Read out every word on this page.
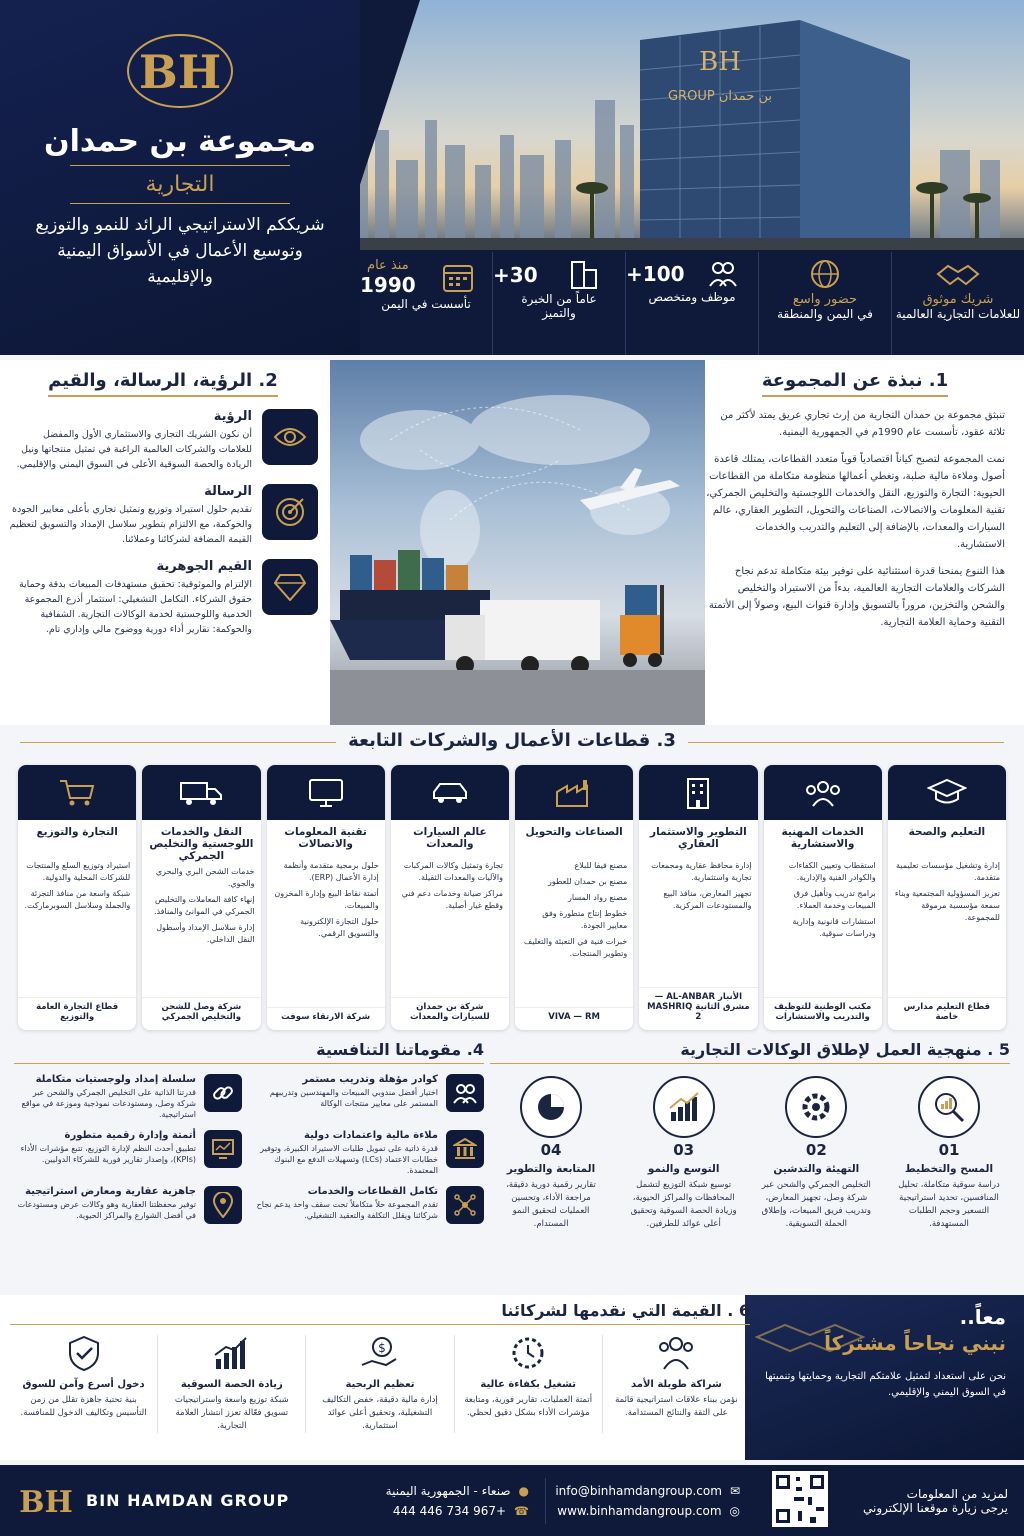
BH
بن حمدان GROUP
BH
مجموعة بن حمدان
التجارية
شريككم الاستراتيجي الرائد للنمو والتوزيع وتوسيع الأعمال في الأسواق اليمنية والإقليمية
شريك موثوق
للعلامات التجارية العالمية
حضور واسع
في اليمن والمنطقة
100+
موظف ومتخصص
30+
عاماً من الخبرة
والتميز
منذ عام
1990
تأسست في اليمن
1. نبذة عن المجموعة

تنبثق مجموعة بن حمدان التجارية من إرث تجاري عريق يمتد لأكثر من ثلاثة عقود، تأسست عام 1990م في الجمهورية اليمنية.

نمت المجموعة لتصبح كياناً اقتصادياً قوياً متعدد القطاعات، يمتلك قاعدة أصول وملاءة مالية صلبة، وتغطي أعمالها منظومة متكاملة من القطاعات الحيوية: التجارة والتوزيع، النقل والخدمات اللوجستية والتخليص الجمركي، تقنية المعلومات والاتصالات، الصناعات والتحويل، التطوير العقاري، عالم السيارات والمعدات، بالإضافة إلى التعليم والتدريب والخدمات الاستشارية.

هذا التنوع يمنحنا قدرة استثنائية على توفير بيئة متكاملة تدعم نجاح الشركات والعلامات التجارية العالمية، بدءاً من الاستيراد والتخليص والشحن والتخزين، مروراً بالتسويق وإدارة قنوات البيع، وصولاً إلى الأتمتة التقنية وحماية العلامة التجارية.

2. الرؤية، الرسالة، والقيم
الرؤية

أن نكون الشريك التجاري والاستثماري الأول والمفضل للعلامات والشركات العالمية الراغبة في تمثيل منتجاتها ونيل الريادة والحصة السوقية الأعلى في السوق اليمني والإقليمي.

الرسالة

تقديم حلول استيراد وتوزيع وتمثيل تجاري بأعلى معايير الجودة والحوكمة، مع الالتزام بتطوير سلاسل الإمداد والتسويق لتعظيم القيمة المضافة لشركائنا وعملائنا.

القيم الجوهرية

الإلتزام والموثوقية: تحقيق مستهدفات المبيعات بدقة وحماية حقوق الشركاء. التكامل التشغيلي: استثمار أذرع المجموعة الخدمية واللوجستية لخدمة الوكالات التجارية. الشفافية والحوكمة: تقارير أداء دورية ووضوح مالي وإداري تام.

3. قطاعات الأعمال والشركات التابعة
التعليم والصحة
إدارة وتشغيل مؤسسات تعليمية متقدمة.
تعزيز المسؤولية المجتمعية وبناء سمعة مؤسسية مرموقة للمجموعة.
قطاع التعليم مدارس خاصة
الخدمات المهنية والاستشارية
استقطاب وتعيين الكفاءات والكوادر الفنية والإدارية.
برامج تدريب وتأهيل فرق المبيعات وخدمة العملاء.
استشارات قانونية وإدارية ودراسات سوقية.
مكتب الوطنية للتوظيف والتدريب والاستشارات
التطوير والاستثمار العقاري
إدارة محافظ عقارية ومجمعات تجارية واستثمارية.
تجهيز المعارض، منافذ البيع والمستودعات المركزية.
الأنبار AL-ANBAR — مشرق الثانية MASHRIQ 2
الصناعات والتحويل
مصنع فيفا للبلاع
مصنع بن حمدان للعطور
مصنع رواد المسار
خطوط إنتاج متطورة وفق معايير الجودة.
خبرات فنية في التعبئة والتغليف وتطوير المنتجات.
VIVA — RM
عالم السيارات والمعدات
تجارة وتمثيل وكالات المركبات والآليات والمعدات الثقيلة.
مراكز صيانة وخدمات دعم فني وقطع غيار أصلية.
شركة بن حمدان للسيارات والمعدات
تقنية المعلومات والاتصالات
حلول برمجية متقدمة وأنظمة إدارة الأعمال (ERP).
أتمتة نقاط البيع وإدارة المخزون والمبيعات.
حلول التجارة الإلكترونية والتسويق الرقمي.
شركة الارتقاء سوفت
النقل والخدمات اللوجستية والتخليص الجمركي
خدمات الشحن البري والبحري والجوي.
إنهاء كافة المعاملات والتخليص الجمركي في الموانئ والمنافذ.
إدارة سلاسل الإمداد وأسطول النقل الداخلي.
شركة وصل للشحن والتخليص الجمركي
التجارة والتوزيع
استيراد وتوزيع السلع والمنتجات للشركات المحلية والدولية.
شبكة واسعة من منافذ التجزئة والجملة وسلاسل السوبرماركت.
قطاع التجارة العامة والتوزيع
5 . منهجية العمل لإطلاق الوكالات التجارية
01
المسح والتخطيط

دراسة سوقية متكاملة، تحليل المنافسين، تحديد استراتيجية التسعير وحجم الطلبات المستهدفة.

02
التهيئة والتدشين

التخليص الجمركي والشحن عبر شركة وصل، تجهيز المعارض، وتدريب فريق المبيعات، وإطلاق الحملة التسويقية.

03
التوسع والنمو

توسيع شبكة التوزيع لتشمل المحافظات والمراكز الحيوية، وزيادة الحصة السوقية وتحقيق أعلى عوائد للطرفين.

04
المتابعة والتطوير

تقارير رقمية دورية دقيقة، مراجعة الأداء، وتحسين العمليات لتحقيق النمو المستدام.

4. مقوماتنا التنافسية
كوادر مؤهلة وتدريب مستمر

اختيار أفضل مندوبي المبيعات والمهندسين وتدريبهم المستمر على معايير منتجات الوكالة

سلسلة إمداد ولوجستيات متكاملة

قدرتنا الذاتية على التخليص الجمركي والشحن عبر شركة وصل، ومستودعات نموذجية وموزعة في مواقع استراتيجية.

ملاءة مالية واعتمادات دولية

قدرة ذاتية على تمويل طلبات الاستيراد الكبيرة، وتوفير خطابات الاعتماد (LCs) وتسهيلات الدفع مع البنوك المعتمدة.

أتمتة وإدارة رقمية متطورة

تطبيق أحدث النظم لإدارة التوزيع، تتبع مؤشرات الأداء (KPIs)، وإصدار تقارير فورية للشركاء الدوليين.

تكامل القطاعات والخدمات

تقدم المجموعة حلاً متكاملاً تحت سقف واحد يدعم نجاح شركائنا ويقلل التكلفة والتعقيد التشغيلي.

جاهزية عقارية ومعارض استراتيجية

توفير محفظتنا العقارية وهو وكالات عرض ومستودعات في أفضل الشوارع والمراكز الحيوية.

معاً..
نبني نجاحاً مشتركاً

نحن على استعداد لتمثيل علامتكم التجارية وحمايتها وتنميتها في السوق اليمني والإقليمي.

6 . القيمة التي نقدمها لشركائنا
شراكة طويلة الأمد

نؤمن ببناء علاقات استراتيجية قائمة على الثقة والنتائج المستدامة.

تشغيل بكفاءة عالية

أتمتة العمليات، تقارير فورية، ومتابعة مؤشرات الأداء بشكل دقيق لحظي.

$
تعظيم الربحية

إدارة مالية دقيقة، خفض التكاليف التشغيلية، وتحقيق أعلى عوائد استثمارية.

زيادة الحصة السوقية

شبكة توزيع واسعة واستراتيجيات تسويق فعّالة تعزز انتشار العلامة التجارية.

دخول أسرع وآمن للسوق

بنية تحتية جاهزة تقلل من زمن التأسيس وتكاليف الدخول للمنافسة.

لمزيد من المعلومات
يرجى زيارة موقعنا الإلكتروني
✉
info@binhamdangroup.com
◎
www.binhamdangroup.com
●
صنعاء - الجمهورية اليمنية
☎
+967 734 446 444
BIN HAMDAN GROUP
BH
